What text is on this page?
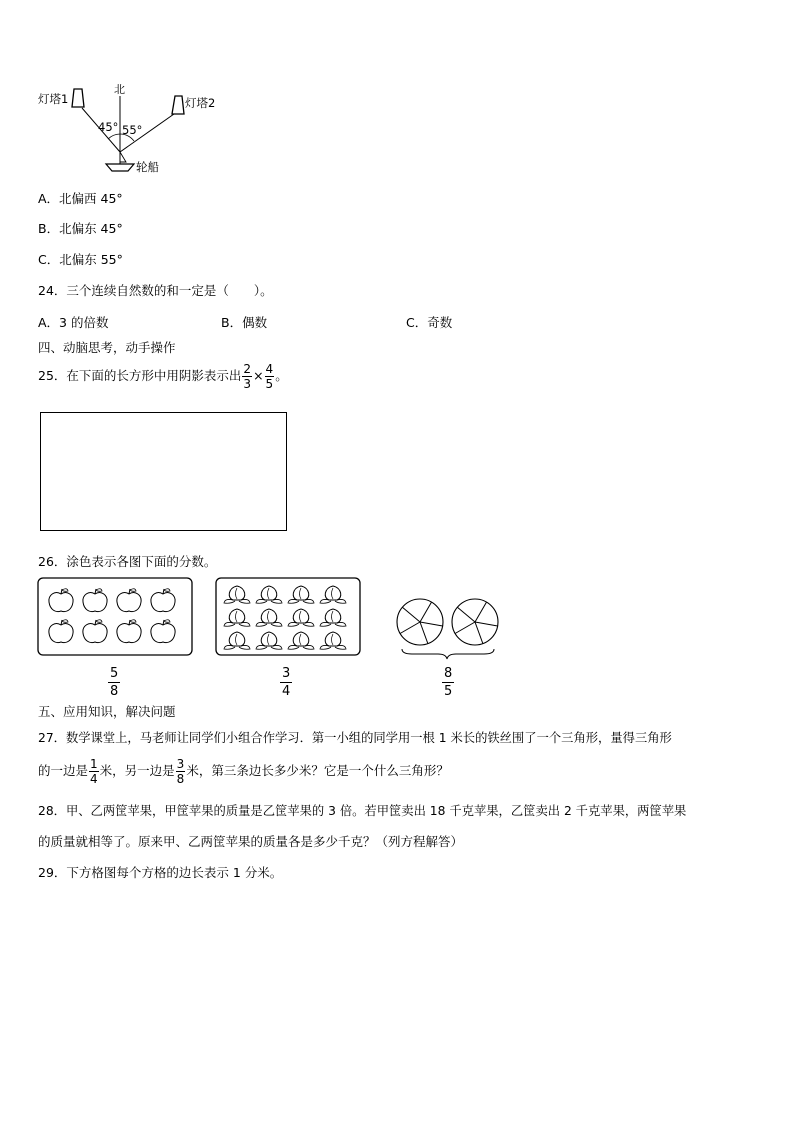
北
灯塔1	灯塔2
45° 55°
轮船
A．北偏西 45°
B．北偏东 45°
C．北偏东 55°
24．三个连续自然数的和一定是（　　）。
A．3 的倍数	B．偶数	C．奇数
四、动脑思考，动手操作
25．在下面的长方形中用阴影表示出 $\frac{2}{3} \times \frac{4}{5}$ 。
26．涂色表示各图下面的分数。
$\frac{5}{8}$	$\frac{3}{4}$	$\frac{8}{5}$
五、应用知识，解决问题
27．数学课堂上，马老师让同学们小组合作学习．第一小组的同学用一根 1 米长的铁丝围了一个三角形，量得三角形
的一边是 $\frac{1}{4}$ 米，另一边是 $\frac{3}{8}$ 米，第三条边长多少米？它是一个什么三角形？
28．甲、乙两筐苹果，甲筐苹果的质量是乙筐苹果的 3 倍。若甲筐卖出 18 千克苹果，乙筐卖出 2 千克苹果，两筐苹果
的质量就相等了。原来甲、乙两筐苹果的质量各是多少千克？（列方程解答）
29．下方格图每个方格的边长表示 1 分米。
